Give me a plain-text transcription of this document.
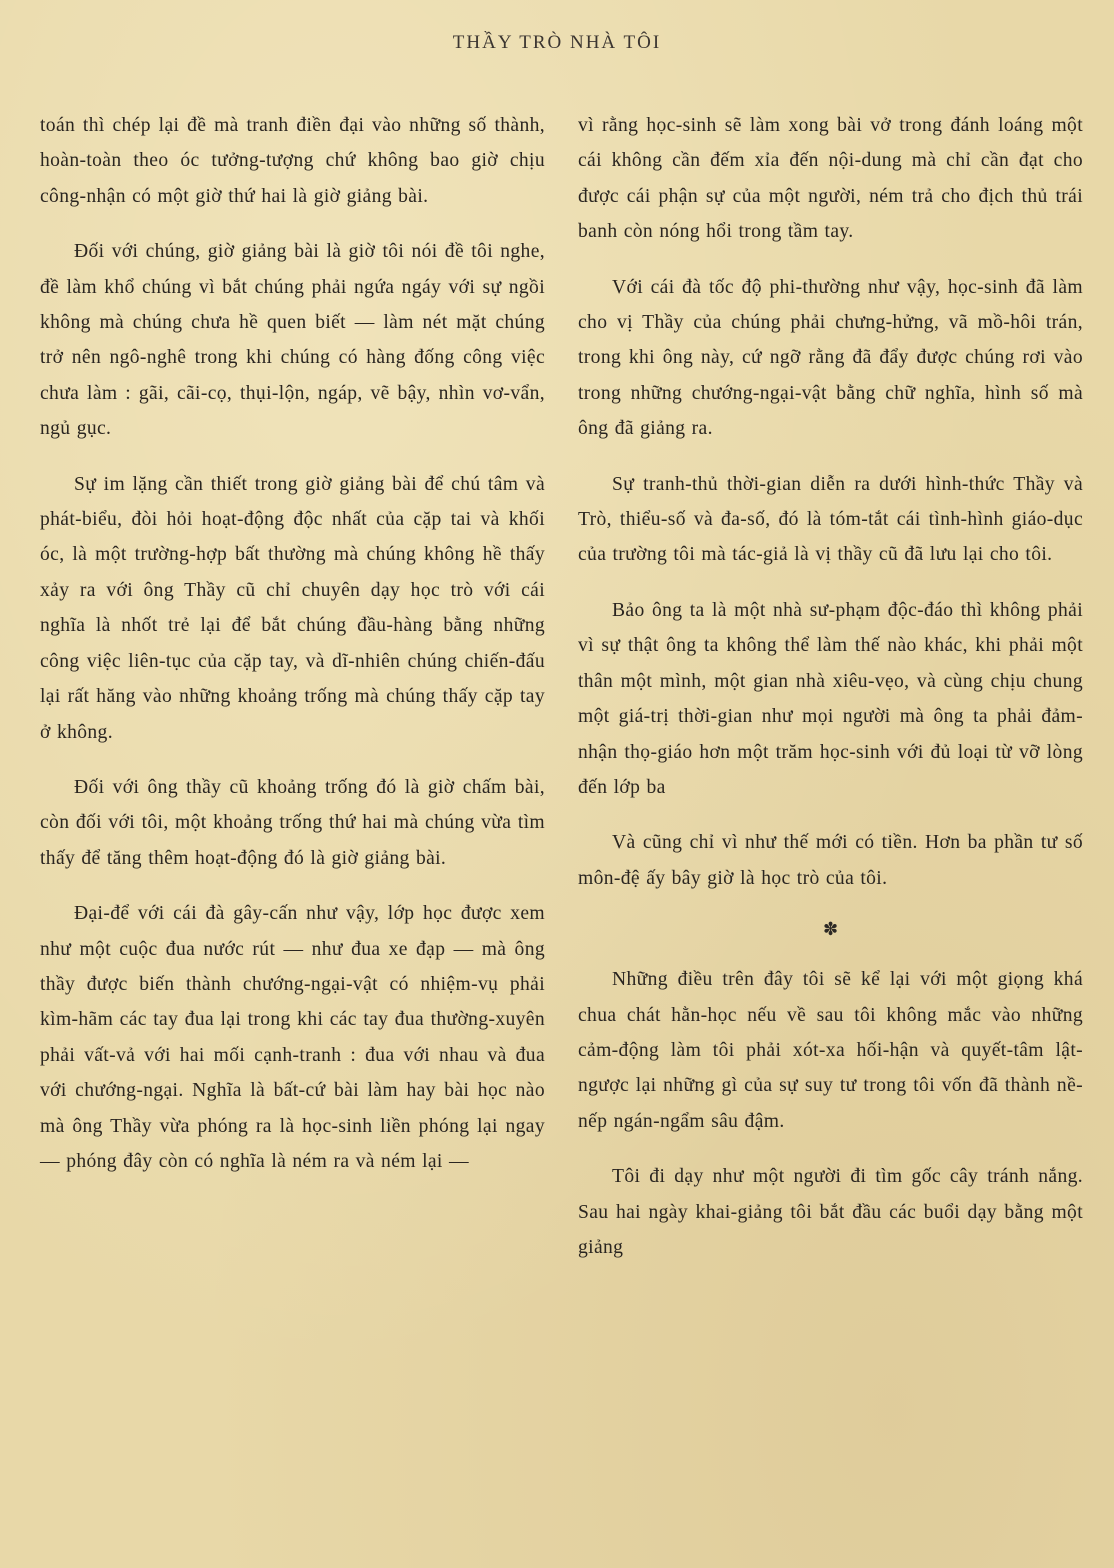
THẦY TRÒ NHÀ TÔI

toán thì chép lại đề mà tranh điền đại vào những số thành, hoàn-toàn theo óc tưởng-tượng chứ không bao giờ chịu công-nhận có một giờ thứ hai là giờ giảng bài.

Đối với chúng, giờ giảng bài là giờ tôi nói đề tôi nghe, đề làm khổ chúng vì bắt chúng phải ngứa ngáy với sự ngồi không mà chúng chưa hề quen biết — làm nét mặt chúng trở nên ngô-nghê trong khi chúng có hàng đống công việc chưa làm : gãi, cãi-cọ, thụi-lộn, ngáp, vẽ bậy, nhìn vơ-vẩn, ngủ gục.

Sự im lặng cần thiết trong giờ giảng bài để chú tâm và phát-biểu, đòi hỏi hoạt-động độc nhất của cặp tai và khối óc, là một trường-hợp bất thường mà chúng không hề thấy xảy ra với ông Thầy cũ chỉ chuyên dạy học trò với cái nghĩa là nhốt trẻ lại để bắt chúng đầu-hàng bằng những công việc liên-tục của cặp tay, và dĩ-nhiên chúng chiến-đấu lại rất hăng vào những khoảng trống mà chúng thấy cặp tay ở không.

Đối với ông thầy cũ khoảng trống đó là giờ chấm bài, còn đối với tôi, một khoảng trống thứ hai mà chúng vừa tìm thấy để tăng thêm hoạt-động đó là giờ giảng bài.

Đại-để với cái đà gây-cấn như vậy, lớp học được xem như một cuộc đua nước rút — như đua xe đạp — mà ông thầy được biến thành chướng-ngại-vật có nhiệm-vụ phải kìm-hãm các tay đua lại trong khi các tay đua thường-xuyên phải vất-vả với hai mối cạnh-tranh : đua với nhau và đua với chướng-ngại. Nghĩa là bất-cứ bài làm hay bài học nào mà ông Thầy vừa phóng ra là học-sinh liền phóng lại ngay — phóng đây còn có nghĩa là ném ra và ném lại —

vì rằng học-sinh sẽ làm xong bài vở trong đánh loáng một cái không cần đếm xỉa đến nội-dung mà chỉ cần đạt cho được cái phận sự của một người, ném trả cho địch thủ trái banh còn nóng hổi trong tầm tay.

Với cái đà tốc độ phi-thường như vậy, học-sinh đã làm cho vị Thầy của chúng phải chưng-hửng, vã mồ-hôi trán, trong khi ông này, cứ ngỡ rằng đã đẩy được chúng rơi vào trong những chướng-ngại-vật bằng chữ nghĩa, hình số mà ông đã giảng ra.

Sự tranh-thủ thời-gian diễn ra dưới hình-thức Thầy và Trò, thiểu-số và đa-số, đó là tóm-tắt cái tình-hình giáo-dục của trường tôi mà tác-giả là vị thầy cũ đã lưu lại cho tôi.

Bảo ông ta là một nhà sư-phạm độc-đáo thì không phải vì sự thật ông ta không thể làm thế nào khác, khi phải một thân một mình, một gian nhà xiêu-vẹo, và cùng chịu chung một giá-trị thời-gian như mọi người mà ông ta phải đảm-nhận thọ-giáo hơn một trăm học-sinh với đủ loại từ vỡ lòng đến lớp ba

Và cũng chỉ vì như thế mới có tiền. Hơn ba phần tư số môn-đệ ấy bây giờ là học trò của tôi.

✽

Những điều trên đây tôi sẽ kể lại với một giọng khá chua chát hằn-học nếu về sau tôi không mắc vào những cảm-động làm tôi phải xót-xa hối-hận và quyết-tâm lật-ngược lại những gì của sự suy tư trong tôi vốn đã thành nề-nếp ngán-ngẩm sâu đậm.

Tôi đi dạy như một người đi tìm gốc cây tránh nắng. Sau hai ngày khai-giảng tôi bắt đầu các buổi dạy bằng một giảng
